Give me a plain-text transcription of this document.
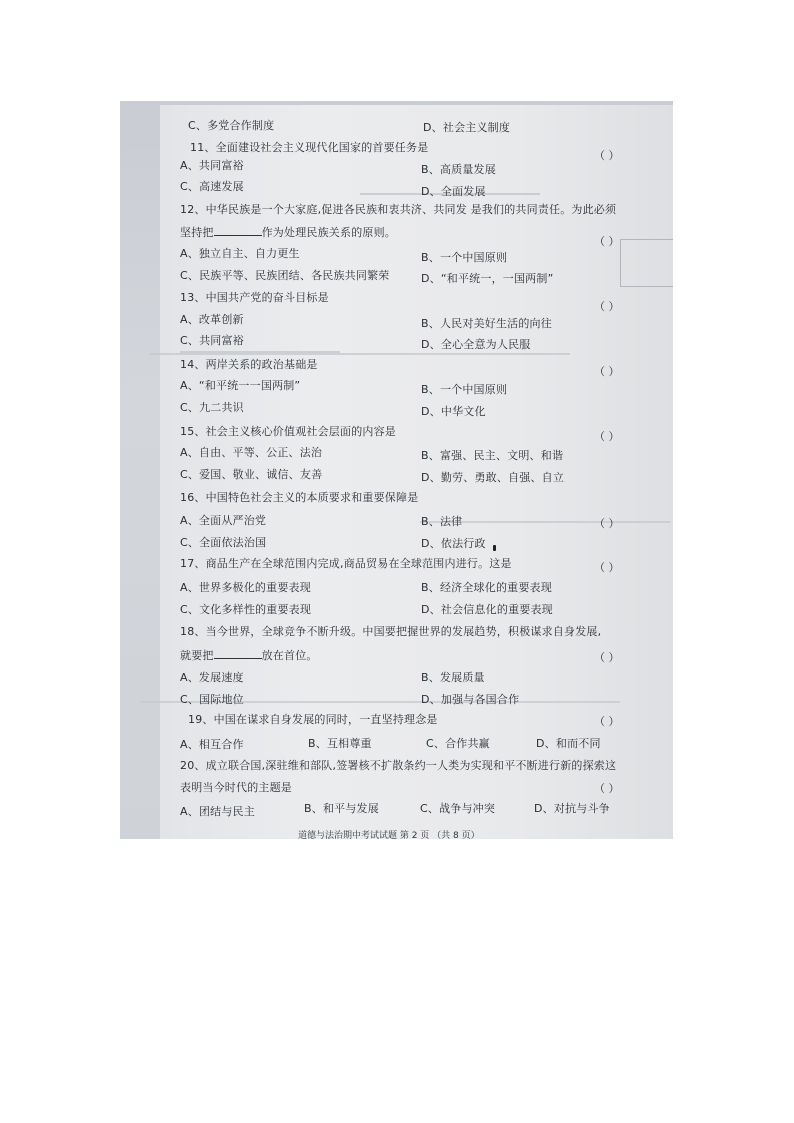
C、多党合作制度	D、社会主义制度
11、全面建设社会主义现代化国家的首要任务是
（ ）
A、共同富裕	B、高质量发展
C、高速发展	D、全面发展
12、中华民族是一个大家庭,促进各民族和衷共济、共同发 是我们的共同责任。为此必须
坚持把	作为处理民族关系的原则。
（ ）
A、独立自主、自力更生	B、一个中国原则
C、民族平等、民族团结、各民族共同繁荣	D、“和平统一，一国两制”
13、中国共产党的奋斗目标是
（ ）
A、改革创新	B、人民对美好生活的向往
C、共同富裕	D、全心全意为人民服
14、两岸关系的政治基础是
（ ）
A、“和平统一一国两制”	B、一个中国原则
C、九二共识	D、中华文化
15、社会主义核心价值观社会层面的内容是	（ ）
A、自由、平等、公正、法治	B、富强、民主、文明、和谐
C、爱国、敬业、诚信、友善	D、勤劳、勇敢、自强、自立
16、中国特色社会主义的本质要求和重要保障是
（ ）
A、全面从严治党	B、法律
C、全面依法治国	D、依法行政
17、商品生产在全球范围内完成,商品贸易在全球范围内进行。这是	（ ）
A、世界多极化的重要表现	B、经济全球化的重要表现
C、文化多样性的重要表现	D、社会信息化的重要表现
18、当今世界，全球竞争不断升级。中国要把握世界的发展趋势，积极谋求自身发展,
就要把	放在首位。	（ ）
A、发展速度	B、发展质量
C、国际地位	D、加强与各国合作
19、中国在谋求自身发展的同时，一直坚持理念是	（ ）
A、相互合作	B、互相尊重	C、合作共赢	D、和而不同
20、成立联合国,深驻维和部队,签署核不扩散条约一人类为实现和平不断进行新的探索这
表明当今时代的主题是	（ ）
A、团结与民主	B、和平与发展	C、战争与冲突	D、对抗与斗争
道德与法治期中考试试题 第 2 页 （共 8 页）
